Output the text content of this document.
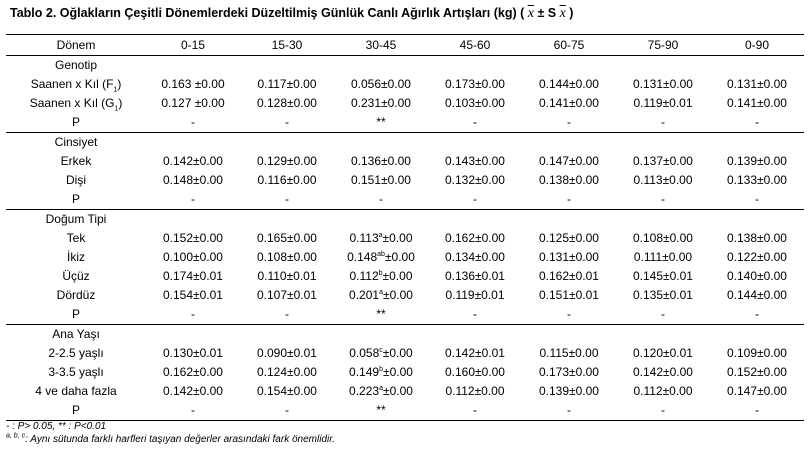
Tablo 2. Oğlakların Çeşitli Dönemlerdeki Düzeltilmiş Günlük Canlı Ağırlık Artışları (kg) ( $\overline{x} \pm S$ $\overline{x}$ )
Dönem	0-15	15-30	30-45	45-60	60-75	75-90	0-90
Genotip							
Saanen x Kıl $(F_1)$	0.163 ±0.00	0.117±0.00	0.056±0.00	0.173±0.00	0.144±0.00	0.131±0.00	0.131±0.00
Saanen x Kıl $(G_1)$	0.127 ±0.00	0.128±0.00	0.231±0.00	0.103±0.00	0.141±0.00	0.119±0.01	0.141±0.00
P	-	-	**	-	-	-	-
Cinsiyet							
Erkek	0.142±0.00	0.129±0.00	0.136±0.00	0.143±0.00	0.147±0.00	0.137±0.00	0.139±0.00
Dişi	0.148±0.00	0.116±0.00	0.151±0.00	0.132±0.00	0.138±0.00	0.113±0.00	0.133±0.00
P	-	-	-	-	-	-	-
Doğum Tipi							
Tek	0.152±0.00	0.165±0.00	0.113$^a$±0.00	0.162±0.00	0.125±0.00	0.108±0.00	0.138±0.00
İkiz	0.100±0.00	0.108±0.00	0.148$^{ab}$±0.00	0.134±0.00	0.131±0.00	0.111±0.00	0.122±0.00
Üçüz	0.174±0.01	0.110±0.01	0.112$^b$±0.00	0.136±0.01	0.162±0.01	0.145±0.01	0.140±0.00
Dördüz	0.154±0.01	0.107±0.01	0.201$^a$±0.00	0.119±0.01	0.151±0.01	0.135±0.01	0.144±0.00
P	-	-	**	-	-	-	-
Ana Yaşı							
2-2.5 yaşlı	0.130±0.01	0.090±0.01	0.058$^c$±0.00	0.142±0.01	0.115±0.00	0.120±0.01	0.109±0.00
3-3.5 yaşlı	0.162±0.00	0.124±0.00	0.149$^b$±0.00	0.160±0.00	0.173±0.00	0.142±0.00	0.152±0.00
4 ve daha fazla	0.142±0.00	0.154±0.00	0.223$^a$±0.00	0.112±0.00	0.139±0.00	0.112±0.00	0.147±0.00
P	-	-	**	-	-	-	-
- : P> 0.05, ** : P<0.01
$^{a, b, c}$: Aynı sütunda farklı harfleri taşıyan değerler arasındaki fark önemlidir.
